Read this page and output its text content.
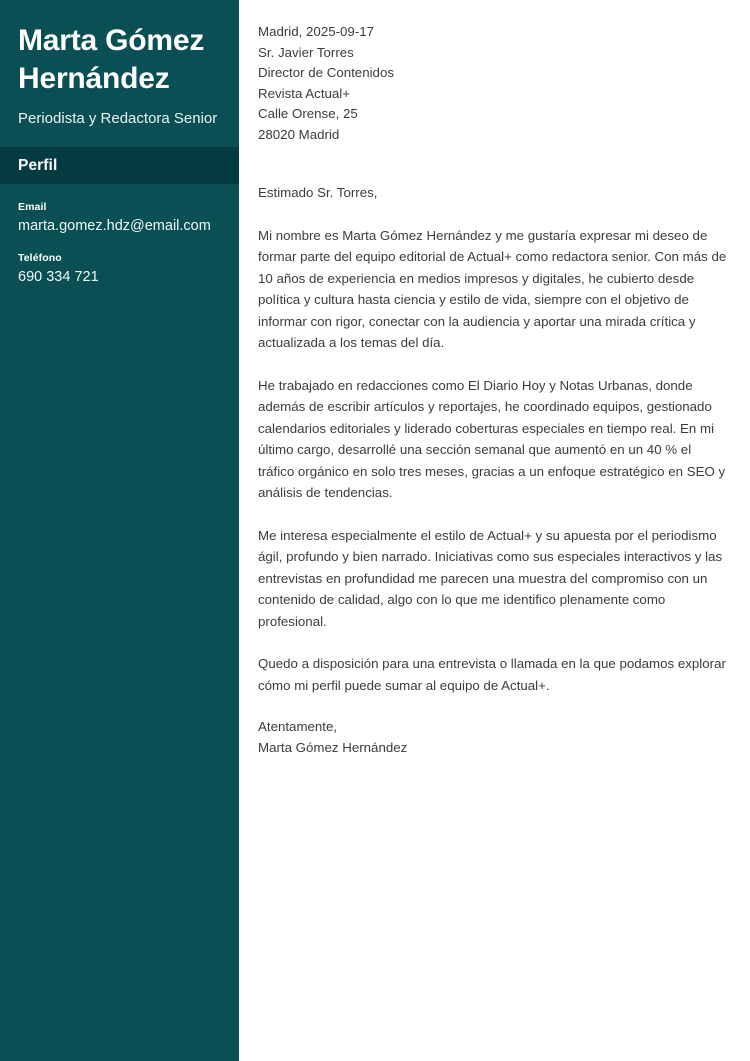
Marta Gómez Hernández

Periodista y Redactora Senior

Perfil

Email

marta.gomez.hdz@email.com

Teléfono

690 334 721

Madrid, 2025-09-17

Sr. Javier Torres

Director de Contenidos

Revista Actual+

Calle Orense, 25

28020 Madrid

Estimado Sr. Torres,

Mi nombre es Marta Gómez Hernández y me gustaría expresar mi deseo de formar parte del equipo editorial de Actual+ como redactora senior. Con más de 10 años de experiencia en medios impresos y digitales, he cubierto desde política y cultura hasta ciencia y estilo de vida, siempre con el objetivo de informar con rigor, conectar con la audiencia y aportar una mirada crítica y actualizada a los temas del día.

He trabajado en redacciones como El Diario Hoy y Notas Urbanas, donde además de escribir artículos y reportajes, he coordinado equipos, gestionado calendarios editoriales y liderado coberturas especiales en tiempo real. En mi último cargo, desarrollé una sección semanal que aumentó en un 40 % el tráfico orgánico en solo tres meses, gracias a un enfoque estratégico en SEO y análisis de tendencias.

Me interesa especialmente el estilo de Actual+ y su apuesta por el periodismo ágil, profundo y bien narrado. Iniciativas como sus especiales interactivos y las entrevistas en profundidad me parecen una muestra del compromiso con un contenido de calidad, algo con lo que me identifico plenamente como profesional.

Quedo a disposición para una entrevista o llamada en la que podamos explorar cómo mi perfil puede sumar al equipo de Actual+.

Atentamente,

Marta Gómez Hernández
